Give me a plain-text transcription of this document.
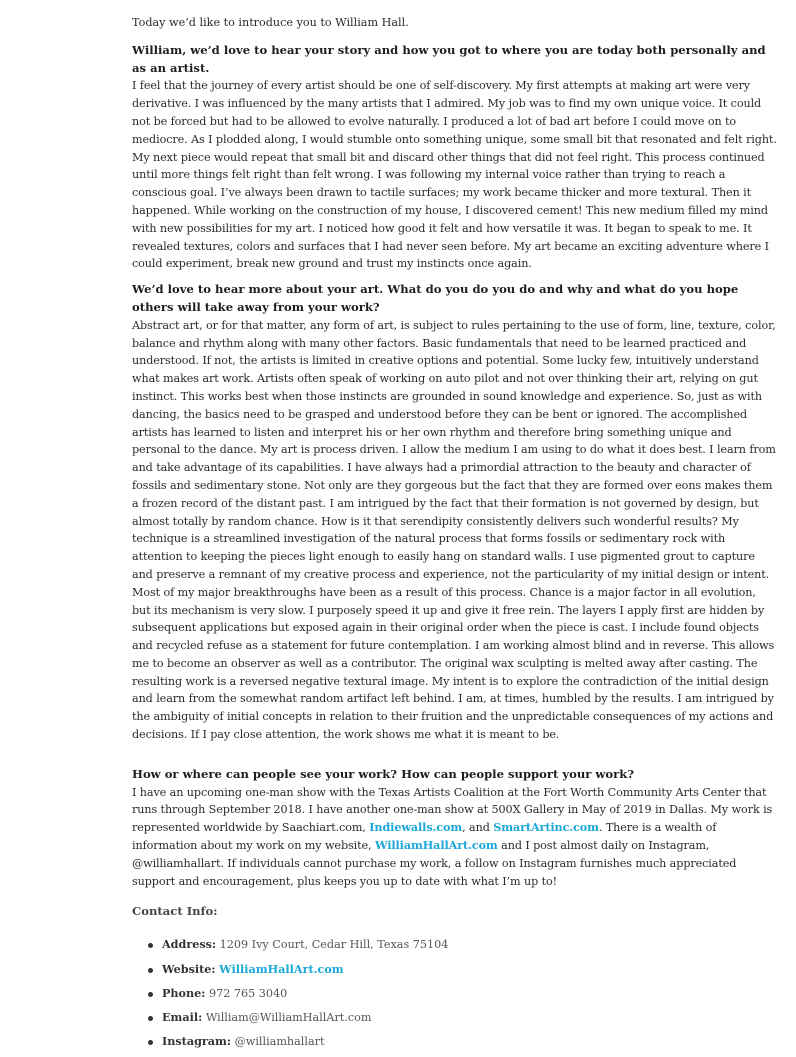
Today we’d like to introduce you to William Hall.

William, we’d love to hear your story and how you got to where you are today both personally and as an artist.

I feel that the journey of every artist should be one of self-discovery. My first attempts at making art were very derivative. I was influenced by the many artists that I admired. My job was to find my own unique voice. It could not be forced but had to be allowed to evolve naturally. I produced a lot of bad art before I could move on to mediocre. As I plodded along, I would stumble onto something unique, some small bit that resonated and felt right. My next piece would repeat that small bit and discard other things that did not feel right. This process continued until more things felt right than felt wrong. I was following my internal voice rather than trying to reach a conscious goal. I’ve always been drawn to tactile surfaces; my work became thicker and more textural. Then it happened. While working on the construction of my house, I discovered cement! This new medium filled my mind with new possibilities for my art. I noticed how good it felt and how versatile it was. It began to speak to me. It revealed textures, colors and surfaces that I had never seen before. My art became an exciting adventure where I could experiment, break new ground and trust my instincts once again.

We’d love to hear more about your art. What do you do you do and why and what do you hope others will take away from your work?

Abstract art, or for that matter, any form of art, is subject to rules pertaining to the use of form, line, texture, color, balance and rhythm along with many other factors. Basic fundamentals that need to be learned practiced and understood. If not, the artists is limited in creative options and potential. Some lucky few, intuitively understand what makes art work. Artists often speak of working on auto pilot and not over thinking their art, relying on gut instinct. This works best when those instincts are grounded in sound knowledge and experience. So, just as with dancing, the basics need to be grasped and understood before they can be bent or ignored. The accomplished artists has learned to listen and interpret his or her own rhythm and therefore bring something unique and personal to the dance. My art is process driven. I allow the medium I am using to do what it does best. I learn from and take advantage of its capabilities. I have always had a primordial attraction to the beauty and character of fossils and sedimentary stone. Not only are they gorgeous but the fact that they are formed over eons makes them a frozen record of the distant past. I am intrigued by the fact that their formation is not governed by design, but almost totally by random chance. How is it that serendipity consistently delivers such wonderful results? My technique is a streamlined investigation of the natural process that forms fossils or sedimentary rock with attention to keeping the pieces light enough to easily hang on standard walls. I use pigmented grout to capture and preserve a remnant of my creative process and experience, not the particularity of my initial design or intent. Most of my major breakthroughs have been as a result of this process. Chance is a major factor in all evolution, but its mechanism is very slow. I purposely speed it up and give it free rein. The layers I apply first are hidden by subsequent applications but exposed again in their original order when the piece is cast. I include found objects and recycled refuse as a statement for future contemplation. I am working almost blind and in reverse. This allows me to become an observer as well as a contributor. The original wax sculpting is melted away after casting. The resulting work is a reversed negative textural image. My intent is to explore the contradiction of the initial design and learn from the somewhat random artifact left behind. I am, at times, humbled by the results. I am intrigued by the ambiguity of initial concepts in relation to their fruition and the unpredictable consequences of my actions and decisions. If I pay close attention, the work shows me what it is meant to be.

How or where can people see your work? How can people support your work?

I have an upcoming one-man show with the Texas Artists Coalition at the Fort Worth Community Arts Center that runs through September 2018. I have another one-man show at 500X Gallery in May of 2019 in Dallas. My work is represented worldwide by Saachiart.com, Indiewalls.com, and SmartArtinc.com. There is a wealth of information about my work on my website, WilliamHallArt.com and I post almost daily on Instagram, @williamhallart. If individuals cannot purchase my work, a follow on Instagram furnishes much appreciated support and encouragement, plus keeps you up to date with what I’m up to!

Contact Info:

Address: 1209 Ivy Court, Cedar Hill, Texas 75104
Website: WilliamHallArt.com
Phone: 972 765 3040
Email: William@WilliamHallArt.com
Instagram: @williamhallart
